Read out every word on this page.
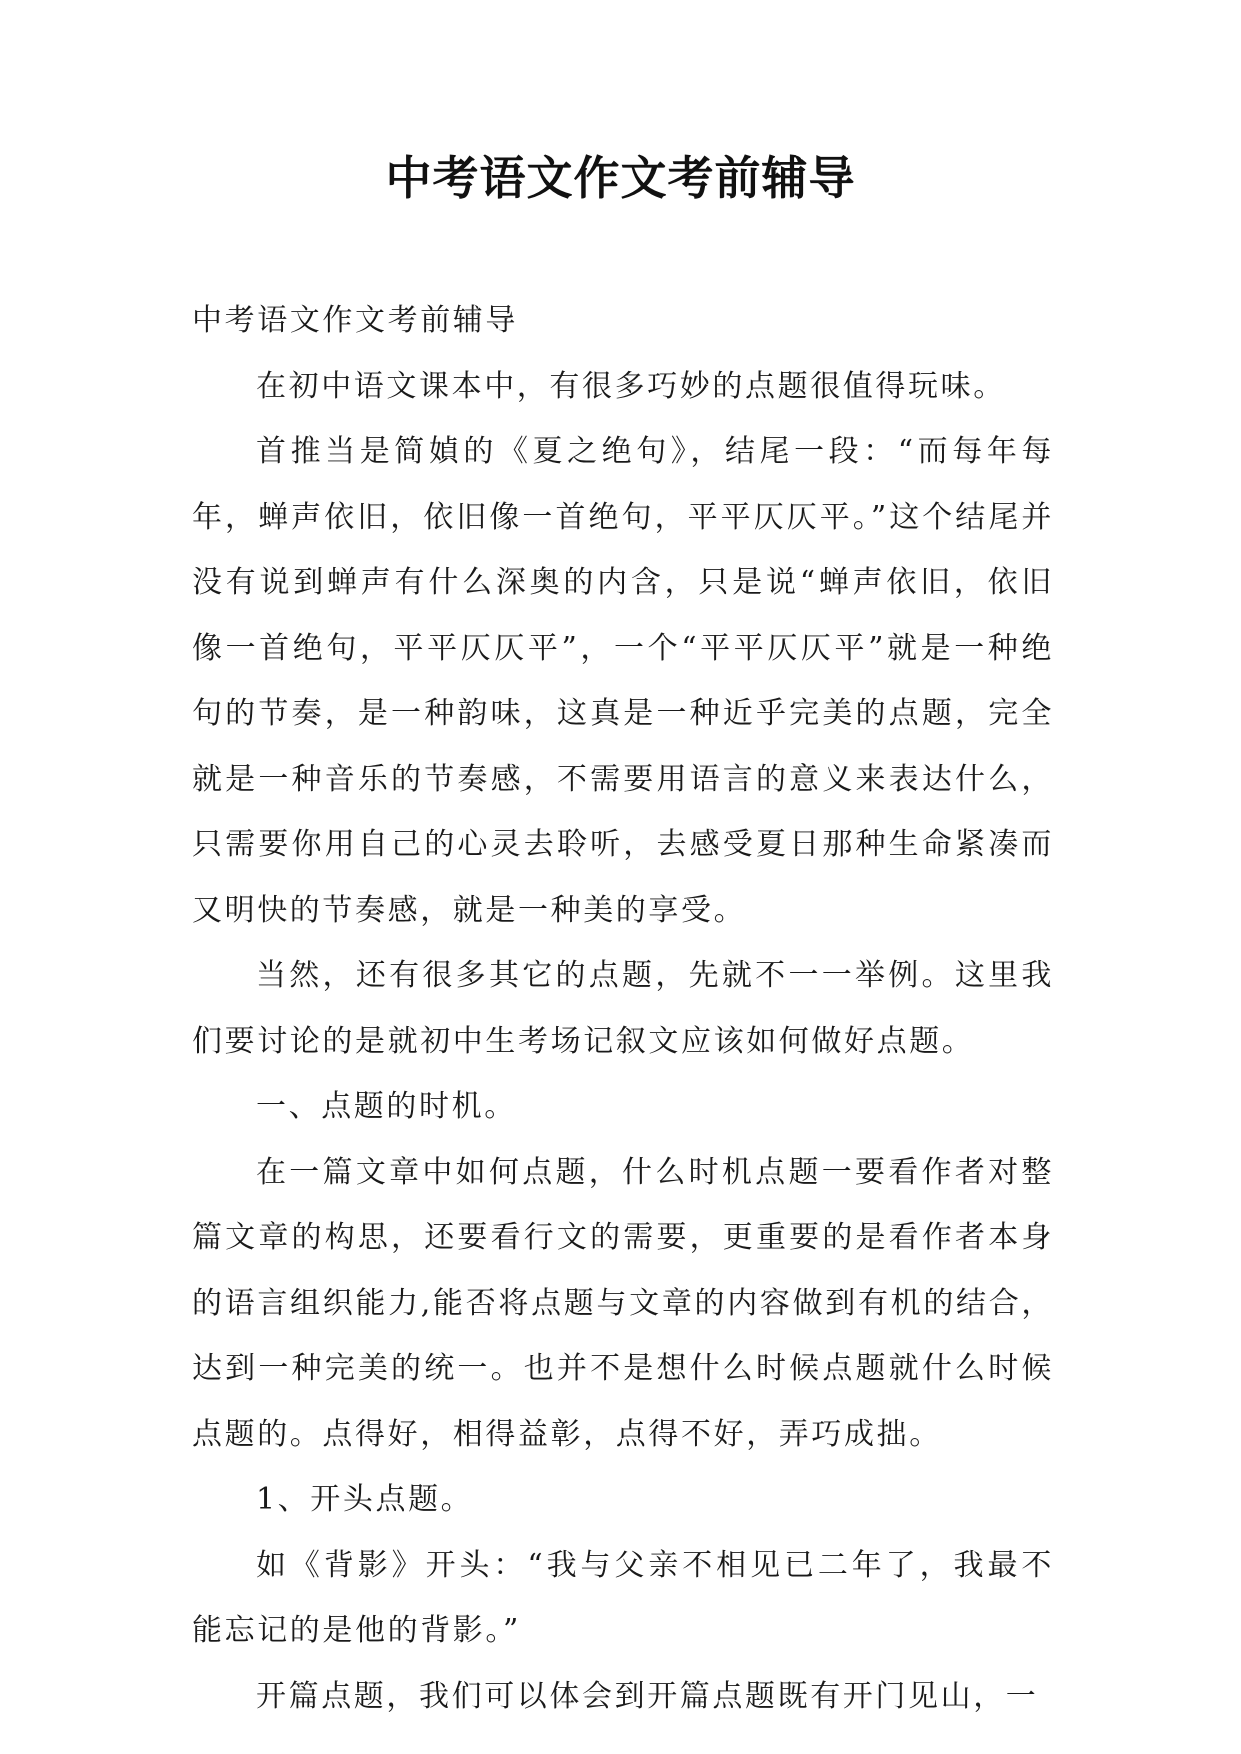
中考语文作文考前辅导

中考语文作文考前辅导

在初中语文课本中，有很多巧妙的点题很值得玩味。

首推当是简媜的《夏之绝句》，结尾一段：“而每年每年，蝉声依旧，依旧像一首绝句，平平仄仄平。”这个结尾并没有说到蝉声有什么深奥的内含，只是说“蝉声依旧，依旧像一首绝句，平平仄仄平”，一个“平平仄仄平”就是一种绝句的节奏，是一种韵味，这真是一种近乎完美的点题，完全就是一种音乐的节奏感，不需要用语言的意义来表达什么，只需要你用自己的心灵去聆听，去感受夏日那种生命紧凑而又明快的节奏感，就是一种美的享受。

当然，还有很多其它的点题，先就不一一举例。这里我们要讨论的是就初中生考场记叙文应该如何做好点题。

一、点题的时机。

在一篇文章中如何点题，什么时机点题一要看作者对整篇文章的构思，还要看行文的需要，更重要的是看作者本身的语言组织能力,能否将点题与文章的内容做到有机的结合，达到一种完美的统一。也并不是想什么时候点题就什么时候点题的。点得好，相得益彰，点得不好，弄巧成拙。

1、开头点题。

如《背影》开头：“我与父亲不相见已二年了，我最不能忘记的是他的背影。”

开篇点题，我们可以体会到开篇点题既有开门见山，一
